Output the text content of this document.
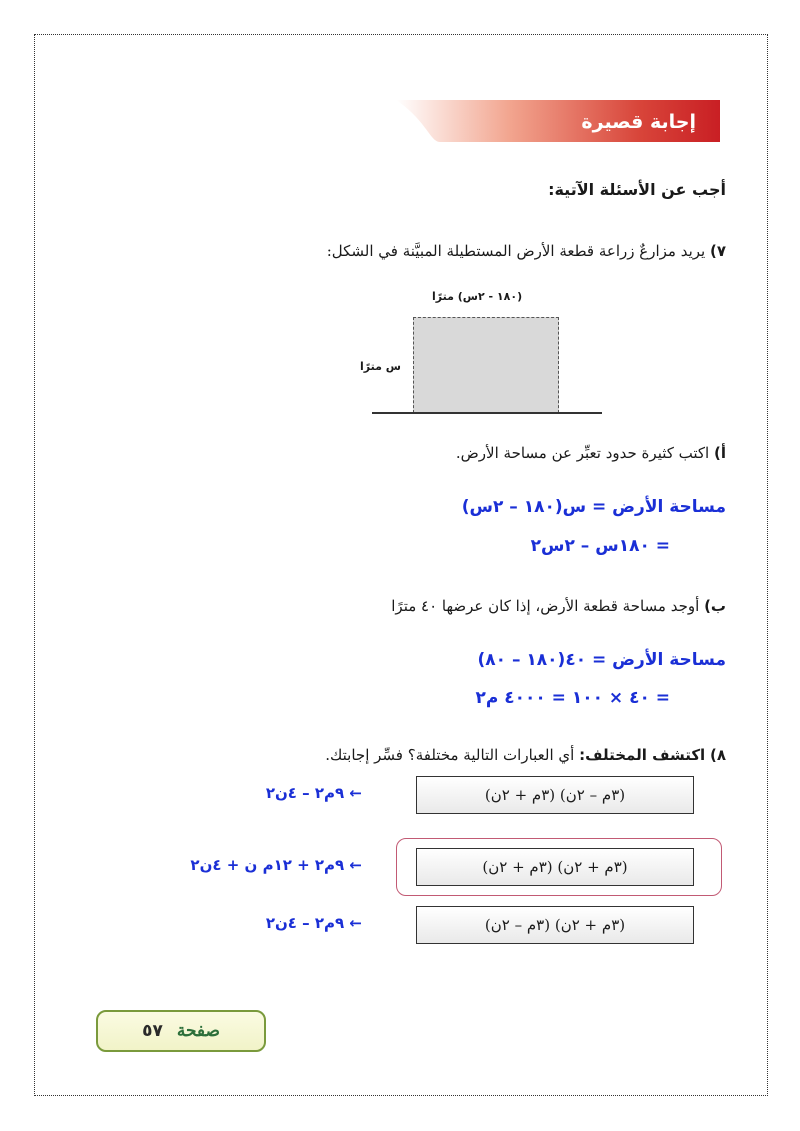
إجابة قصيرة
أجب عن الأسئلة الآتية:
٧) يريد مزارعٌ زراعة قطعة الأرض المستطيلة المبيَّنة في الشكل:
(١٨٠ - ٢س) مترًا
س مترًا
أ) اكتب كثيرة حدود تعبِّر عن مساحة الأرض.
مساحة الأرض = س(١٨٠ – ٢س)
= ١٨٠س – ٢س٢
ب) أوجد مساحة قطعة الأرض، إذا كان عرضها ٤٠ مترًا
مساحة الأرض = ٤٠(١٨٠ – ٨٠)
= ٤٠ × ١٠٠ = ٤٠٠٠ م٢
٨) اكتشف المختلف: أي العبارات التالية مختلفة؟ فسِّر إجابتك.
(٣م – ٢ن) (٣م + ٢ن)
← ٩م٢ – ٤ن٢
(٣م + ٢ن) (٣م + ٢ن)
← ٩م٢ + ١٢م ن + ٤ن٢
(٣م + ٢ن) (٣م – ٢ن)
← ٩م٢ – ٤ن٢
صفحة
٥٧
